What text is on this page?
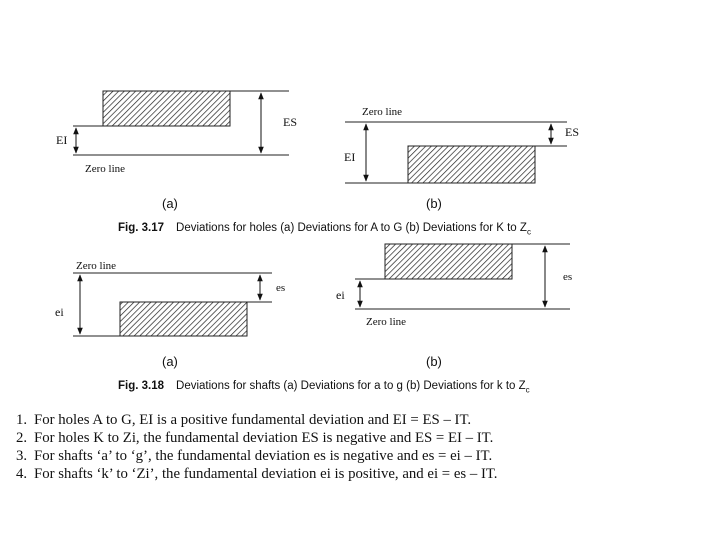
ES
EI
Zero line
(a)
Zero line
ES
EI
(b)
Fig. 3.17 Deviations for holes (a) Deviations for A to G (b) Deviations for K to $Z_c$
Zero line
es
ei
(a)
es
ei
Zero line
(b)
Fig. 3.18 Deviations for shafts (a) Deviations for a to g (b) Deviations for k to $Z_c$
1. For holes A to G, EI is a positive fundamental deviation and EI = ES – IT.
2. For holes K to Zi, the fundamental deviation ES is negative and ES = EI – IT.
3. For shafts ‘a’ to ‘g’, the fundamental deviation es is negative and es = ei – IT.
4. For shafts ‘k’ to ‘Zi’, the fundamental deviation ei is positive, and ei = es – IT.
